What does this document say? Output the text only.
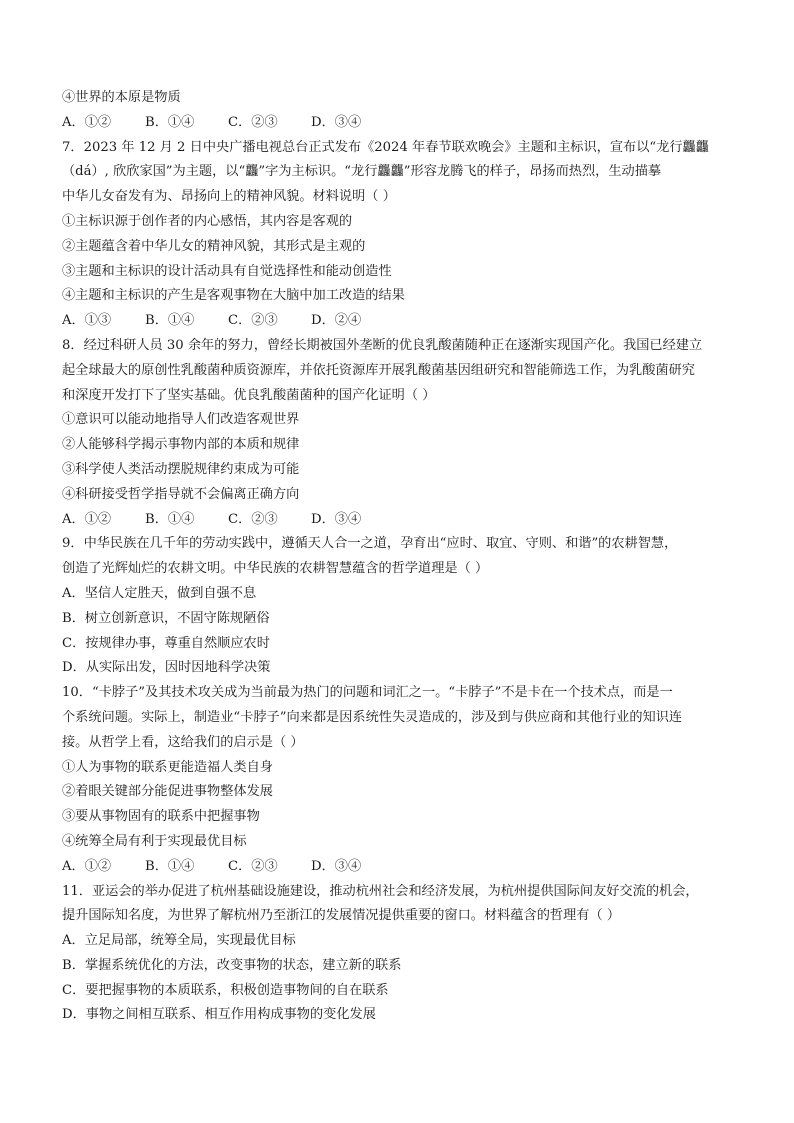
④世界的本原是物质
A．①②	B．①④	C．②③	D．③④
7．2023 年 12 月 2 日中央广播电视总台正式发布《2024 年春节联欢晚会》主题和主标识，宣布以“龙行龘龘
（dá）, 欣欣家国”为主题，以“龘”字为主标识。“龙行龘龘”形容龙腾飞的样子，昂扬而热烈，生动描摹
中华儿女奋发有为、昂扬向上的精神风貌。材料说明（ ）
①主标识源于创作者的内心感悟，其内容是客观的
②主题蕴含着中华儿女的精神风貌，其形式是主观的
③主题和主标识的设计活动具有自觉选择性和能动创造性
④主题和主标识的产生是客观事物在大脑中加工改造的结果
A．①③	B．①④	C．②③	D．②④
8．经过科研人员 30 余年的努力，曾经长期被国外垄断的优良乳酸菌随种正在逐渐实现国产化。我国已经建立
起全球最大的原创性乳酸菌种质资源库，并依托资源库开展乳酸菌基因组研究和智能筛选工作，为乳酸菌研究
和深度开发打下了坚实基础。优良乳酸菌菌种的国产化证明（ ）
①意识可以能动地指导人们改造客观世界
②人能够科学揭示事物内部的本质和规律
③科学使人类活动摆脱规律约束成为可能
④科研接受哲学指导就不会偏离正确方向
A．①②	B．①④	C．②③	D．③④
9．中华民族在几千年的劳动实践中，遵循天人合一之道，孕育出“应时、取宜、守则、和谐”的农耕智慧，
创造了光辉灿烂的农耕文明。中华民族的农耕智慧蕴含的哲学道理是（ ）
A．坚信人定胜天，做到自强不息
B．树立创新意识，不固守陈规陋俗
C．按规律办事，尊重自然顺应农时
D．从实际出发，因时因地科学决策
10．“卡脖子”及其技术攻关成为当前最为热门的问题和词汇之一。“卡脖子”不是卡在一个技术点，而是一
个系统问题。实际上，制造业“卡脖子”向来都是因系统性失灵造成的，涉及到与供应商和其他行业的知识连
接。从哲学上看，这给我们的启示是（ ）
①人为事物的联系更能造福人类自身
②着眼关键部分能促进事物整体发展
③要从事物固有的联系中把握事物
④统筹全局有利于实现最优目标
A．①②	B．①④	C．②③	D．③④
11．亚运会的举办促进了杭州基础设施建设，推动杭州社会和经济发展，为杭州提供国际间友好交流的机会，
提升国际知名度，为世界了解杭州乃至浙江的发展情况提供重要的窗口。材料蕴含的哲理有（ ）
A．立足局部，统筹全局，实现最优目标
B．掌握系统优化的方法，改变事物的状态，建立新的联系
C．要把握事物的本质联系，积极创造事物间的自在联系
D．事物之间相互联系、相互作用构成事物的变化发展
